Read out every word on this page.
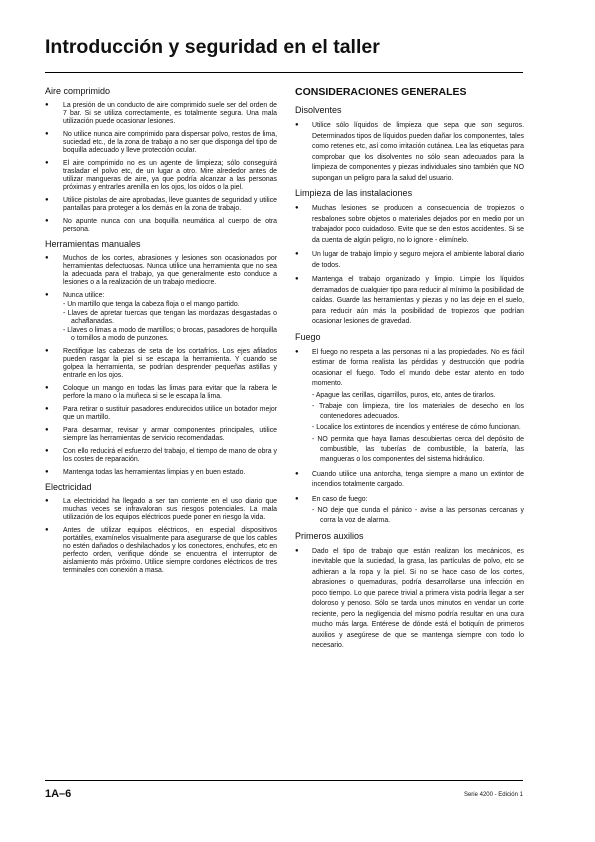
Introducción y seguridad en el taller
Aire comprimido
● La presión de un conducto de aire comprimido suele ser del orden de 7 bar. Si se utiliza correctamente, es totalmente segura. Una mala utilización puede ocasionar lesiones.
● No utilice nunca aire comprimido para dispersar polvo, restos de lima, suciedad etc., de la zona de trabajo a no ser que disponga del tipo de boquilla adecuado y lleve protección ocular.
● El aire comprimido no es un agente de limpieza; sólo conseguirá trasladar el polvo etc, de un lugar a otro. Mire alrededor antes de utilizar mangueras de aire, ya que podría alcanzar a las personas próximas y entrarles arenilla en los ojos, los oídos o la piel.
● Utilice pistolas de aire aprobadas, lleve guantes de seguridad y utilice pantallas para proteger a los demás en la zona de trabajo.
● No apunte nunca con una boquilla neumática al cuerpo de otra persona.
Herramientas manuales
● Muchos de los cortes, abrasiones y lesiones son ocasionados por herramientas defectuosas. Nunca utilice una herramienta que no sea la adecuada para el trabajo, ya que generalmente esto conduce a lesiones o a la realización de un trabajo mediocre.
● Nunca utilice:
- Un martillo que tenga la cabeza floja o el mango partido.
- Llaves de apretar tuercas que tengan las mordazas desgastadas o achaflanadas.
- Llaves o limas a modo de martillos; o brocas, pasadores de horquilla o tornillos a modo de punzones.
● Rectifique las cabezas de seta de los cortafríos. Los ejes afilados pueden rasgar la piel si se escapa la herramienta. Y cuando se golpea la herramienta, se podrían desprender pequeñas astillas y entrarle en los ojos.
● Coloque un mango en todas las limas para evitar que la rabera le perfore la mano o la muñeca si se le escapa la lima.
● Para retirar o sustituir pasadores endurecidos utilice un botador mejor que un martillo.
● Para desarmar, revisar y armar componentes principales, utilice siempre las herramientas de servicio recomendadas.
● Con ello reducirá el esfuerzo del trabajo, el tiempo de mano de obra y los costes de reparación.
● Mantenga todas las herramientas limpias y en buen estado.
Electricidad
● La electricidad ha llegado a ser tan corriente en el uso diario que muchas veces se infravaloran sus riesgos potenciales. La mala utilización de los equipos eléctricos puede poner en riesgo la vida.
● Antes de utilizar equipos eléctricos, en especial dispositivos portátiles, examínelos visualmente para asegurarse de que los cables no estén dañados o deshilachados y los conectores, enchufes, etc en perfecto orden, verifique dónde se encuentra el interruptor de aislamiento más próximo. Utilice siempre cordones eléctricos de tres terminales con conexión a masa.
CONSIDERACIONES GENERALES
Disolventes
● Utilice sólo líquidos de limpieza que sepa que son seguros. Determinados tipos de líquidos pueden dañar los componentes, tales como retenes etc, así como irritación cutánea. Lea las etiquetas para comprobar que los disolventes no sólo sean adecuados para la limpieza de componentes y piezas individuales sino también que NO supongan un peligro para la salud del usuario.
Limpieza de las instalaciones
● Muchas lesiones se producen a consecuencia de tropiezos o resbalones sobre objetos o materiales dejados por en medio por un trabajador poco cuidadoso. Evite que se den estos accidentes. Si se da cuenta de algún peligro, no lo ignore - elimínelo.
● Un lugar de trabajo limpio y seguro mejora el ambiente laboral diario de todos.
● Mantenga el trabajo organizado y limpio. Limpie los líquidos derramados de cualquier tipo para reducir al mínimo la posibilidad de caídas. Guarde las herramientas y piezas y no las deje en el suelo, para reducir aún más la posibilidad de tropiezos que podrían ocasionar lesiones de gravedad.
Fuego
● El fuego no respeta a las personas ni a las propiedades. No es fácil estimar de forma realista las pérdidas y destrucción que podría ocasionar el fuego. Todo el mundo debe estar atento en todo momento.
- Apague las cerillas, cigarrillos, puros, etc, antes de tirarlos.
- Trabaje con limpieza, tire los materiales de desecho en los contenedores adecuados.
- Localice los extintores de incendios y entérese de cómo funcionan.
- NO permita que haya llamas descubiertas cerca del depósito de combustible, las tuberías de combustible, la batería, las mangueras o los componentes del sistema hidráulico.
● Cuando utilice una antorcha, tenga siempre a mano un extintor de incendios totalmente cargado.
● En caso de fuego:
- NO deje que cunda el pánico - avise a las personas cercanas y corra la voz de alarma.
Primeros auxilios
● Dado el tipo de trabajo que están realizan los mecánicos, es inevitable que la suciedad, la grasa, las partículas de polvo, etc se adhieran a la ropa y la piel. Si no se hace caso de los cortes, abrasiones o quemaduras, podría desarrollarse una infección en poco tiempo. Lo que parece trivial a primera vista podría llegar a ser doloroso y penoso. Sólo se tarda unos minutos en vendar un corte reciente, pero la negligencia del mismo podría resultar en una cura mucho más larga. Entérese de dónde está el botiquín de primeros auxilios y asegúrese de que se mantenga siempre con todo lo necesario.
1A–6	Serie 4200 - Edición 1
